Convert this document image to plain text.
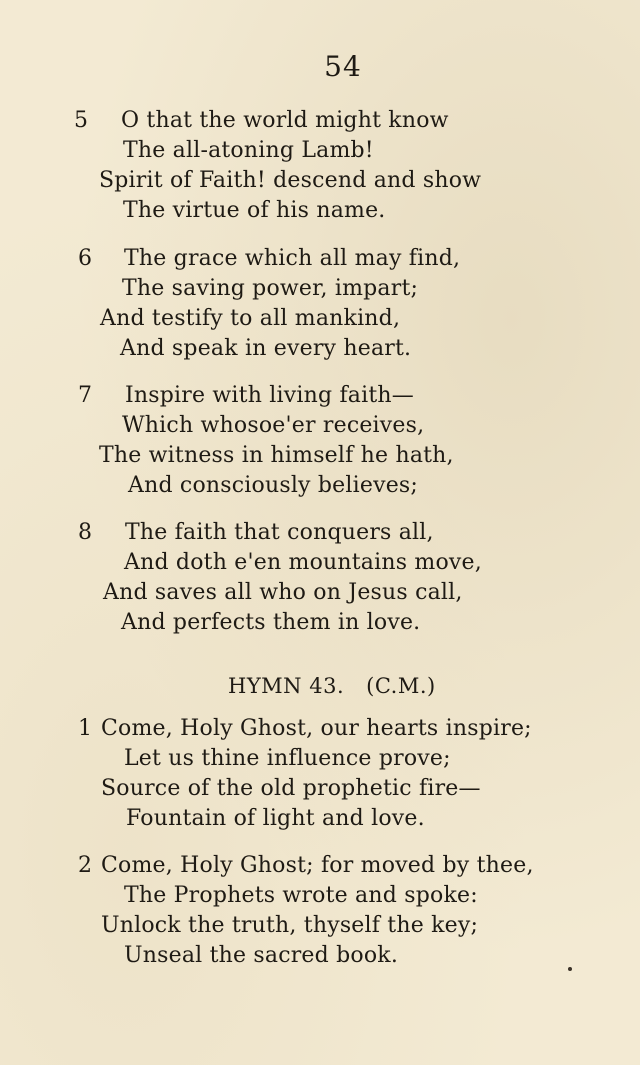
54
5 O that the world might know
The all-atoning Lamb!
Spirit of Faith! descend and show
The virtue of his name.
6 The grace which all may find,
The saving power, impart;
And testify to all mankind,
And speak in every heart.
7 Inspire with living faith—
Which whosoe'er receives,
The witness in himself he hath,
And consciously believes;
8 The faith that conquers all,
And doth e'en mountains move,
And saves all who on Jesus call,
And perfects them in love.
HYMN 43. (C.M.)
1 Come, Holy Ghost, our hearts inspire;
Let us thine influence prove;
Source of the old prophetic fire—
Fountain of light and love.
2 Come, Holy Ghost; for moved by thee,
The Prophets wrote and spoke:
Unlock the truth, thyself the key;
Unseal the sacred book.
